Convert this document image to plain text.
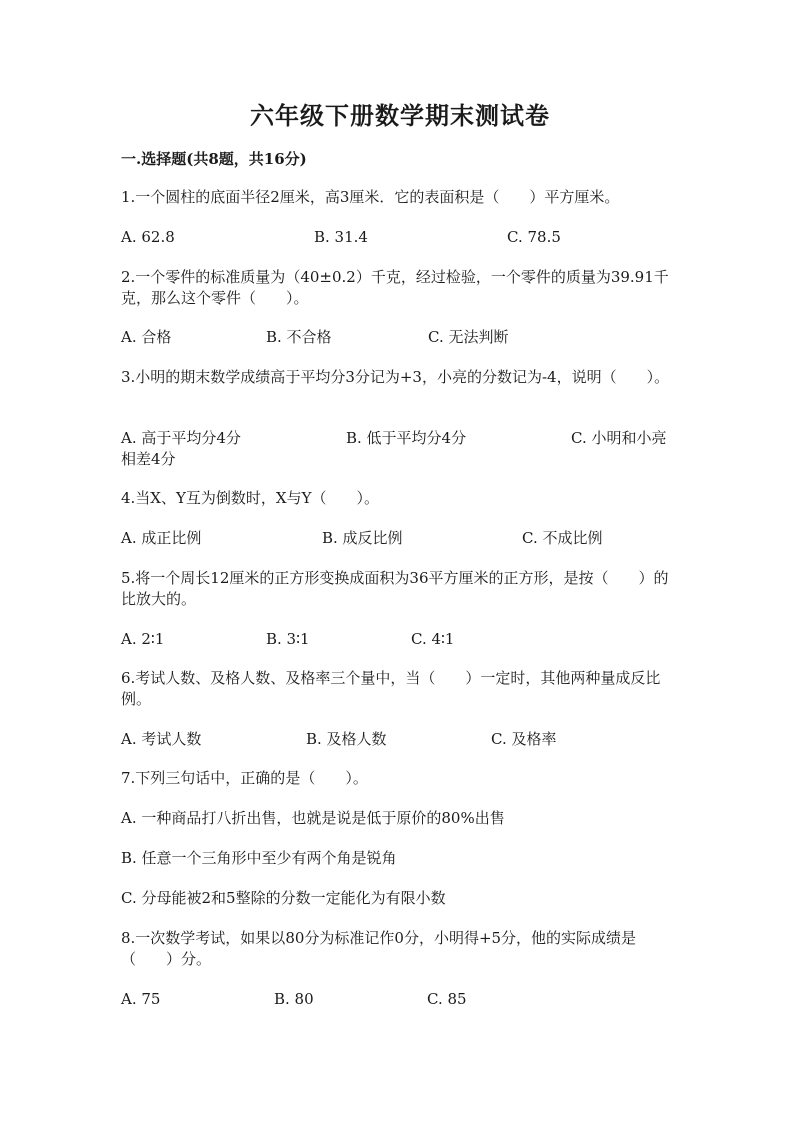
六年级下册数学期末测试卷
一.选择题(共8题，共16分)

1.一个圆柱的底面半径2厘米，高3厘米．它的表面积是（　　）平方厘米。

A. 62.8	B. 31.4	C. 78.5

2.一个零件的标准质量为（40±0.2）千克，经过检验，一个零件的质量为39.91千克，那么这个零件（　　）。

A. 合格	B. 不合格	C. 无法判断

3.小明的期末数学成绩高于平均分3分记为+3，小亮的分数记为-4，说明（　　）。

A. 高于平均分4分	B. 低于平均分4分	C. 小明和小亮相差4分

4.当X、Y互为倒数时，X与Y（　　）。

A. 成正比例	B. 成反比例	C. 不成比例

5.将一个周长12厘米的正方形变换成面积为36平方厘米的正方形，是按（　　）的比放大的。

A. 2∶1	B. 3∶1	C. 4∶1

6.考试人数、及格人数、及格率三个量中，当（　　）一定时，其他两种量成反比例。

A. 考试人数	B. 及格人数	C. 及格率

7.下列三句话中，正确的是（　　）。

A. 一种商品打八折出售，也就是说是低于原价的80%出售

B. 任意一个三角形中至少有两个角是锐角

C. 分母能被2和5整除的分数一定能化为有限小数

8.一次数学考试，如果以80分为标准记作0分，小明得+5分，他的实际成绩是（　　）分。

A. 75	B. 80	C. 85
